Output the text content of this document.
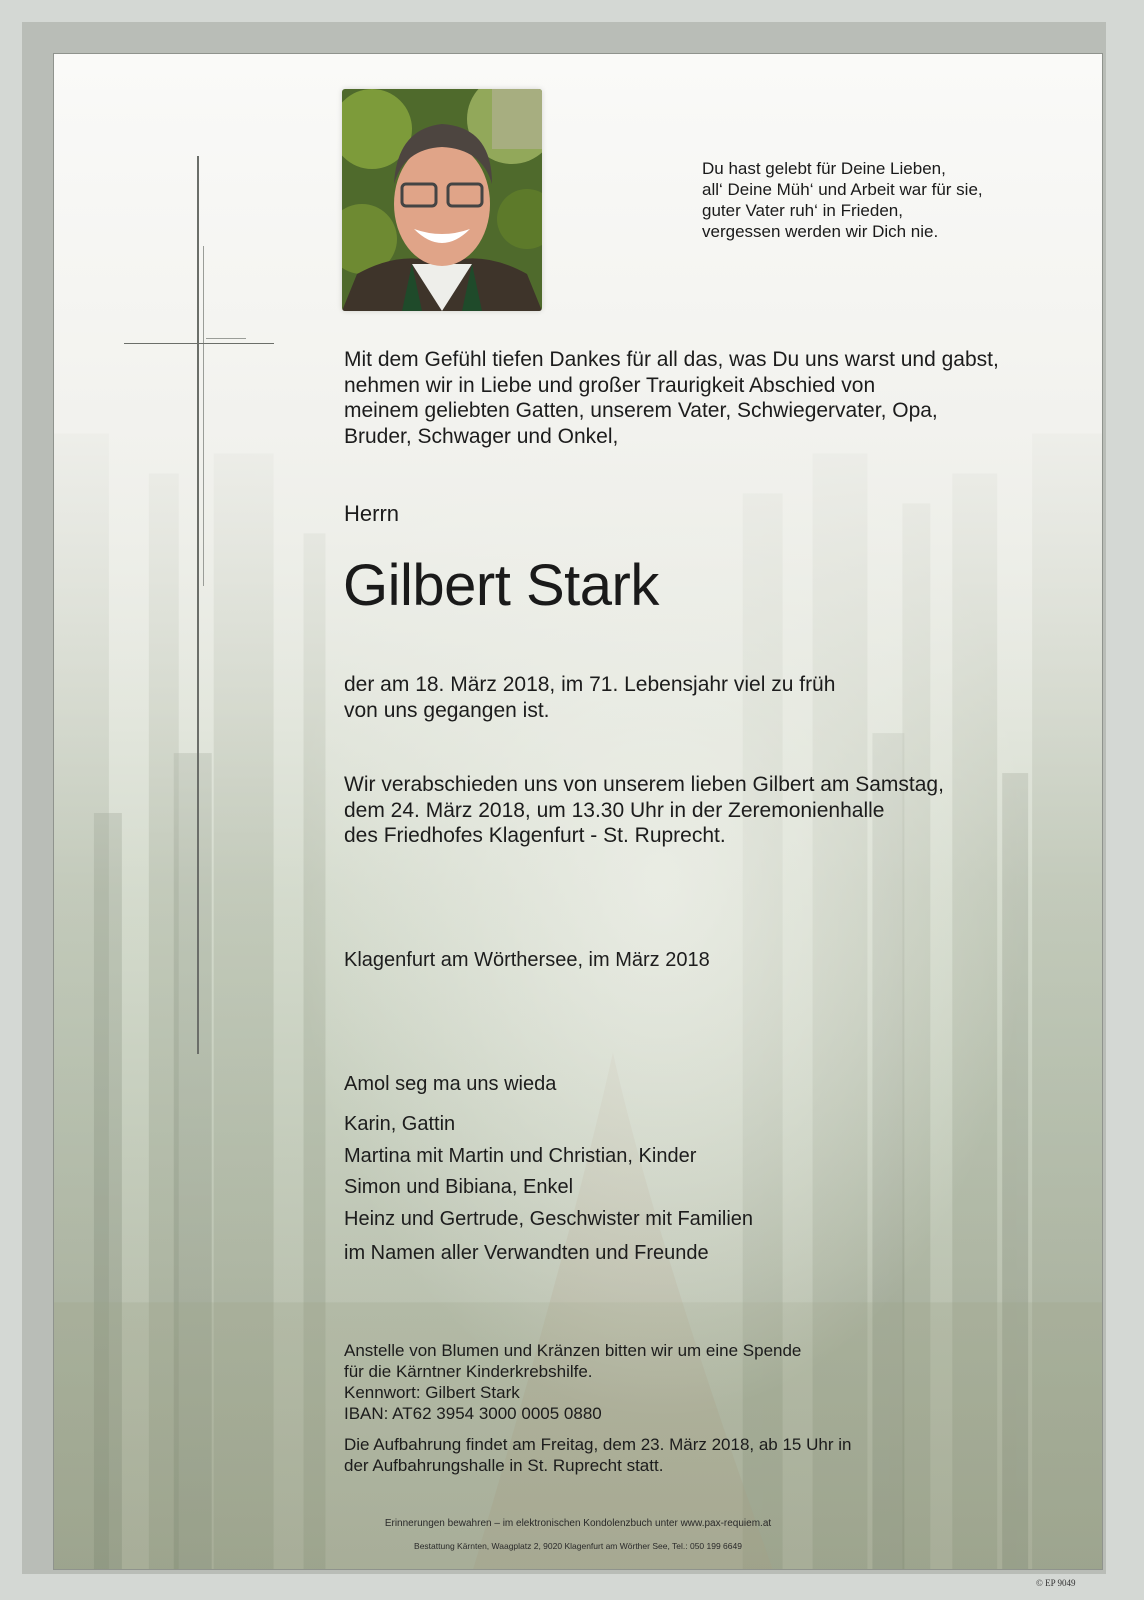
Du hast gelebt für Deine Lieben,
all‘ Deine Müh‘ und Arbeit war für sie,
guter Vater ruh‘ in Frieden,
vergessen werden wir Dich nie.
Mit dem Gefühl tiefen Dankes für all das, was Du uns warst und gabst,
nehmen wir in Liebe und großer Traurigkeit Abschied von
meinem geliebten Gatten, unserem Vater, Schwiegervater, Opa,
Bruder, Schwager und Onkel,
Herrn
Gilbert Stark
der am 18. März 2018, im 71. Lebensjahr viel zu früh
von uns gegangen ist.
Wir verabschieden uns von unserem lieben Gilbert am Samstag,
dem 24. März 2018, um 13.30 Uhr in der Zeremonienhalle
des Friedhofes Klagenfurt - St. Ruprecht.
Klagenfurt am Wörthersee, im März 2018
Amol seg ma uns wieda
Karin, Gattin
Martina mit Martin und Christian, Kinder
Simon und Bibiana, Enkel
Heinz und Gertrude, Geschwister mit Familien
im Namen aller Verwandten und Freunde
Anstelle von Blumen und Kränzen bitten wir um eine Spende
für die Kärntner Kinderkrebshilfe.
Kennwort: Gilbert Stark
IBAN: AT62 3954 3000 0005 0880
Die Aufbahrung findet am Freitag, dem 23. März 2018, ab 15 Uhr in
der Aufbahrungshalle in St. Ruprecht statt.
Erinnerungen bewahren – im elektronischen Kondolenzbuch unter www.pax-requiem.at
Bestattung Kärnten, Waagplatz 2, 9020 Klagenfurt am Wörther See, Tel.: 050 199 6649
© EP 9049
